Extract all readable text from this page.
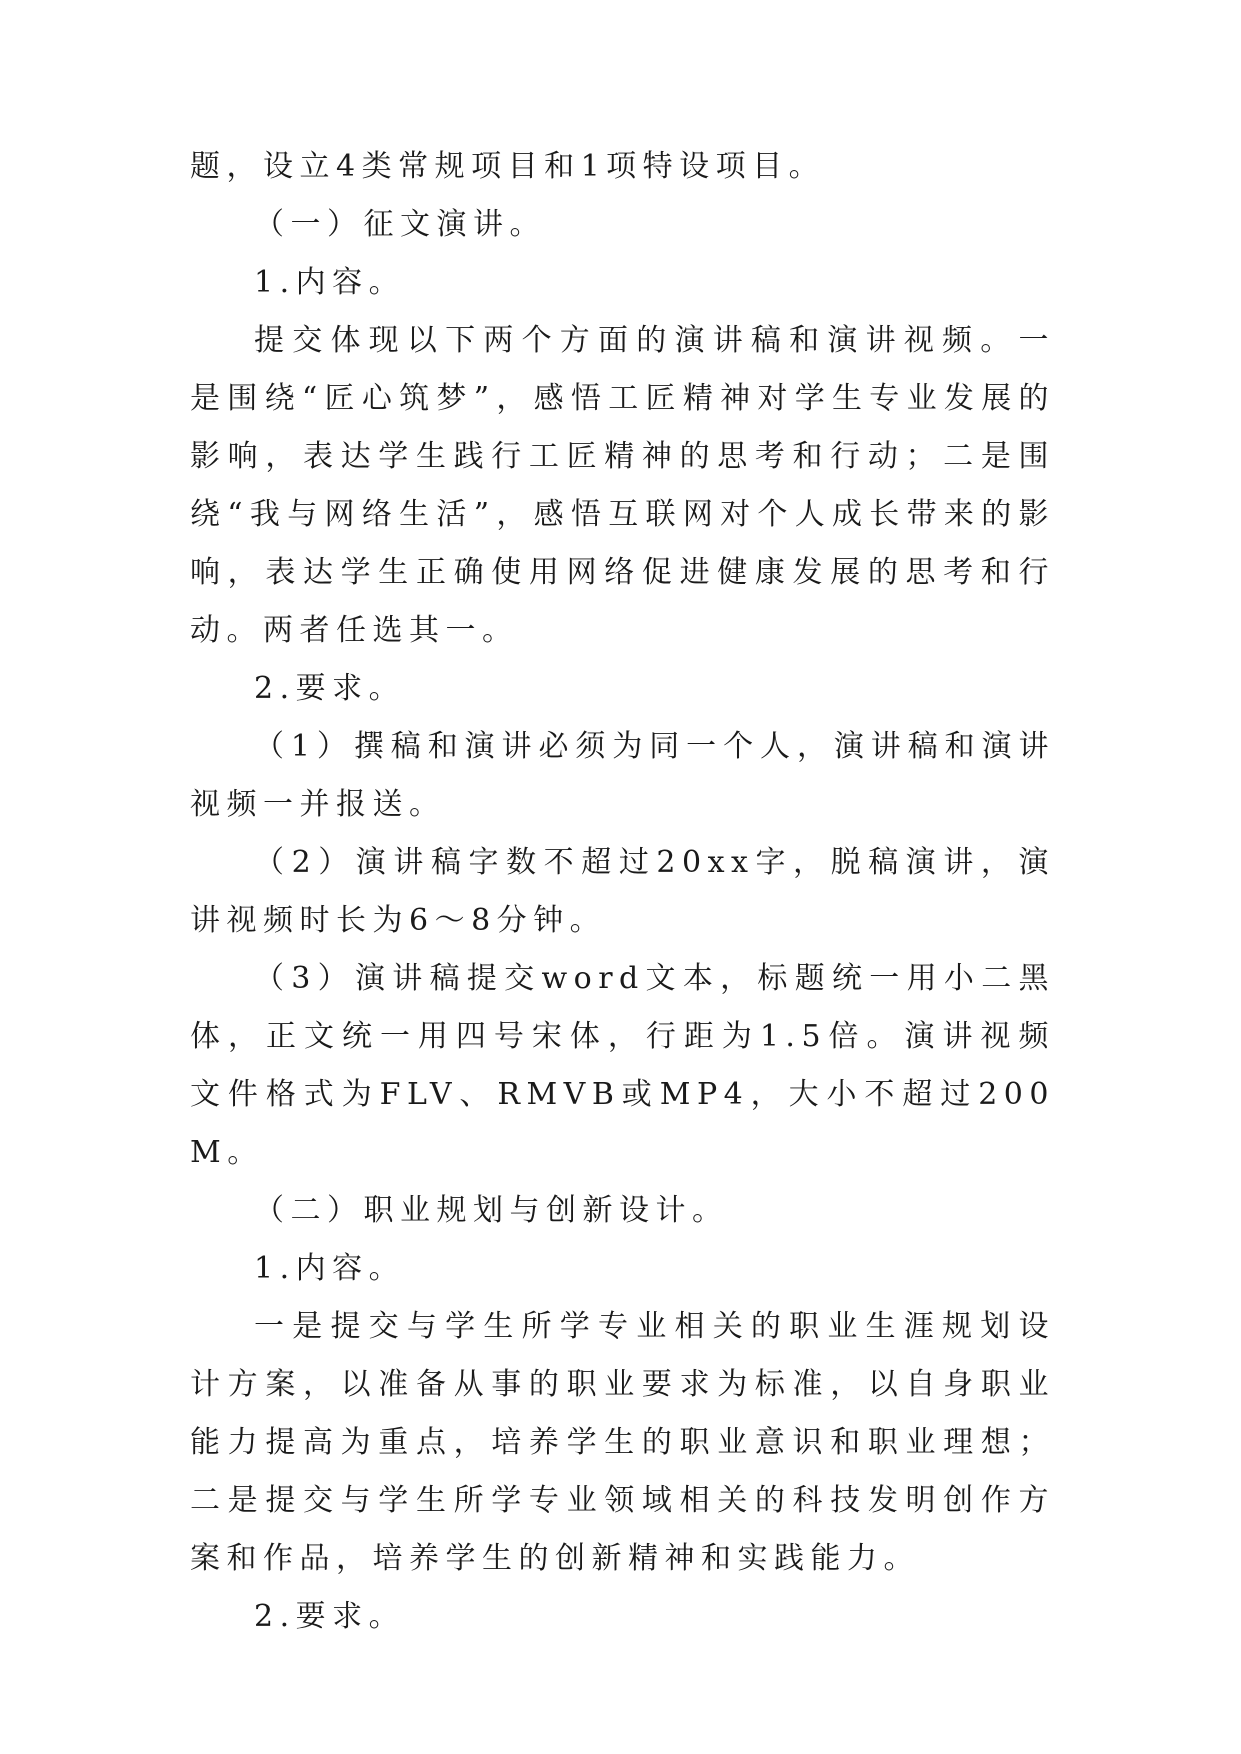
题，设立4类常规项目和1项特设项目。

（一）征文演讲。

1.内容。

提交体现以下两个方面的演讲稿和演讲视频。一是围绕“匠心筑梦”，感悟工匠精神对学生专业发展的影响，表达学生践行工匠精神的思考和行动；二是围绕“我与网络生活”，感悟互联网对个人成长带来的影响，表达学生正确使用网络促进健康发展的思考和行动。两者任选其一。

2.要求。

（1）撰稿和演讲必须为同一个人，演讲稿和演讲视频一并报送。

（2）演讲稿字数不超过20xx字，脱稿演讲，演讲视频时长为6～8分钟。

（3）演讲稿提交word文本，标题统一用小二黑体，正文统一用四号宋体，行距为1.5倍。演讲视频文件格式为FLV、RMVB或MP4，大小不超过200M。

（二）职业规划与创新设计。

1.内容。

一是提交与学生所学专业相关的职业生涯规划设计方案，以准备从事的职业要求为标准，以自身职业能力提高为重点，培养学生的职业意识和职业理想；二是提交与学生所学专业领域相关的科技发明创作方案和作品，培养学生的创新精神和实践能力。

2.要求。
